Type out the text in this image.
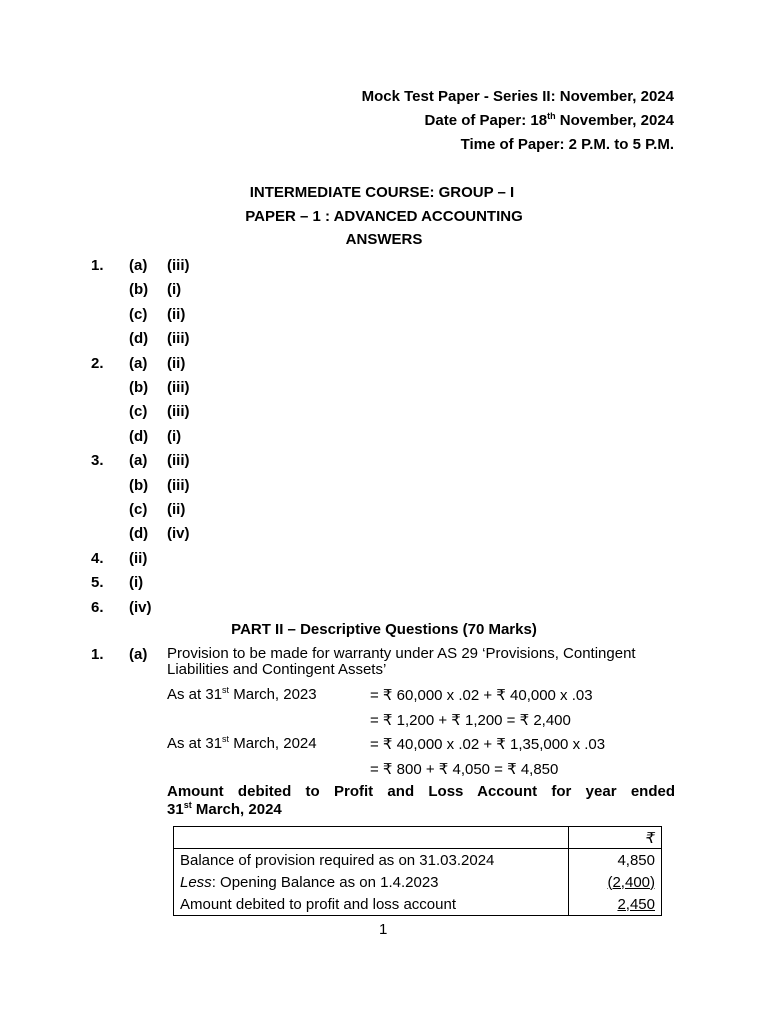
Mock Test Paper - Series II: November, 2024
Date of Paper: 18th November, 2024
Time of Paper: 2 P.M. to 5 P.M.
INTERMEDIATE COURSE: GROUP – I
PAPER – 1 : ADVANCED ACCOUNTING
ANSWERS
1. (a) (iii)
(b) (i)
(c) (ii)
(d) (iii)
2. (a) (ii)
(b) (iii)
(c) (iii)
(d) (i)
3. (a) (iii)
(b) (iii)
(c) (ii)
(d) (iv)
4. (ii)
5. (i)
6. (iv)
PART II – Descriptive Questions (70 Marks)
1. (a) Provision to be made for warranty under AS 29 ‘Provisions, Contingent Liabilities and Contingent Assets’
As at 31st March, 2023	= ₹ 60,000 x .02 + ₹ 40,000 x .03
= ₹ 1,200 + ₹ 1,200 = ₹ 2,400
As at 31st March, 2024	= ₹ 40,000 x .02 + ₹ 1,35,000 x .03
= ₹ 800 + ₹ 4,050 = ₹ 4,850
Amount debited to Profit and Loss Account for year ended
31st March, 2024
	₹
Balance of provision required as on 31.03.2024	4,850
Less: Opening Balance as on 1.4.2023	(2,400)
Amount debited to profit and loss account	2,450
1
